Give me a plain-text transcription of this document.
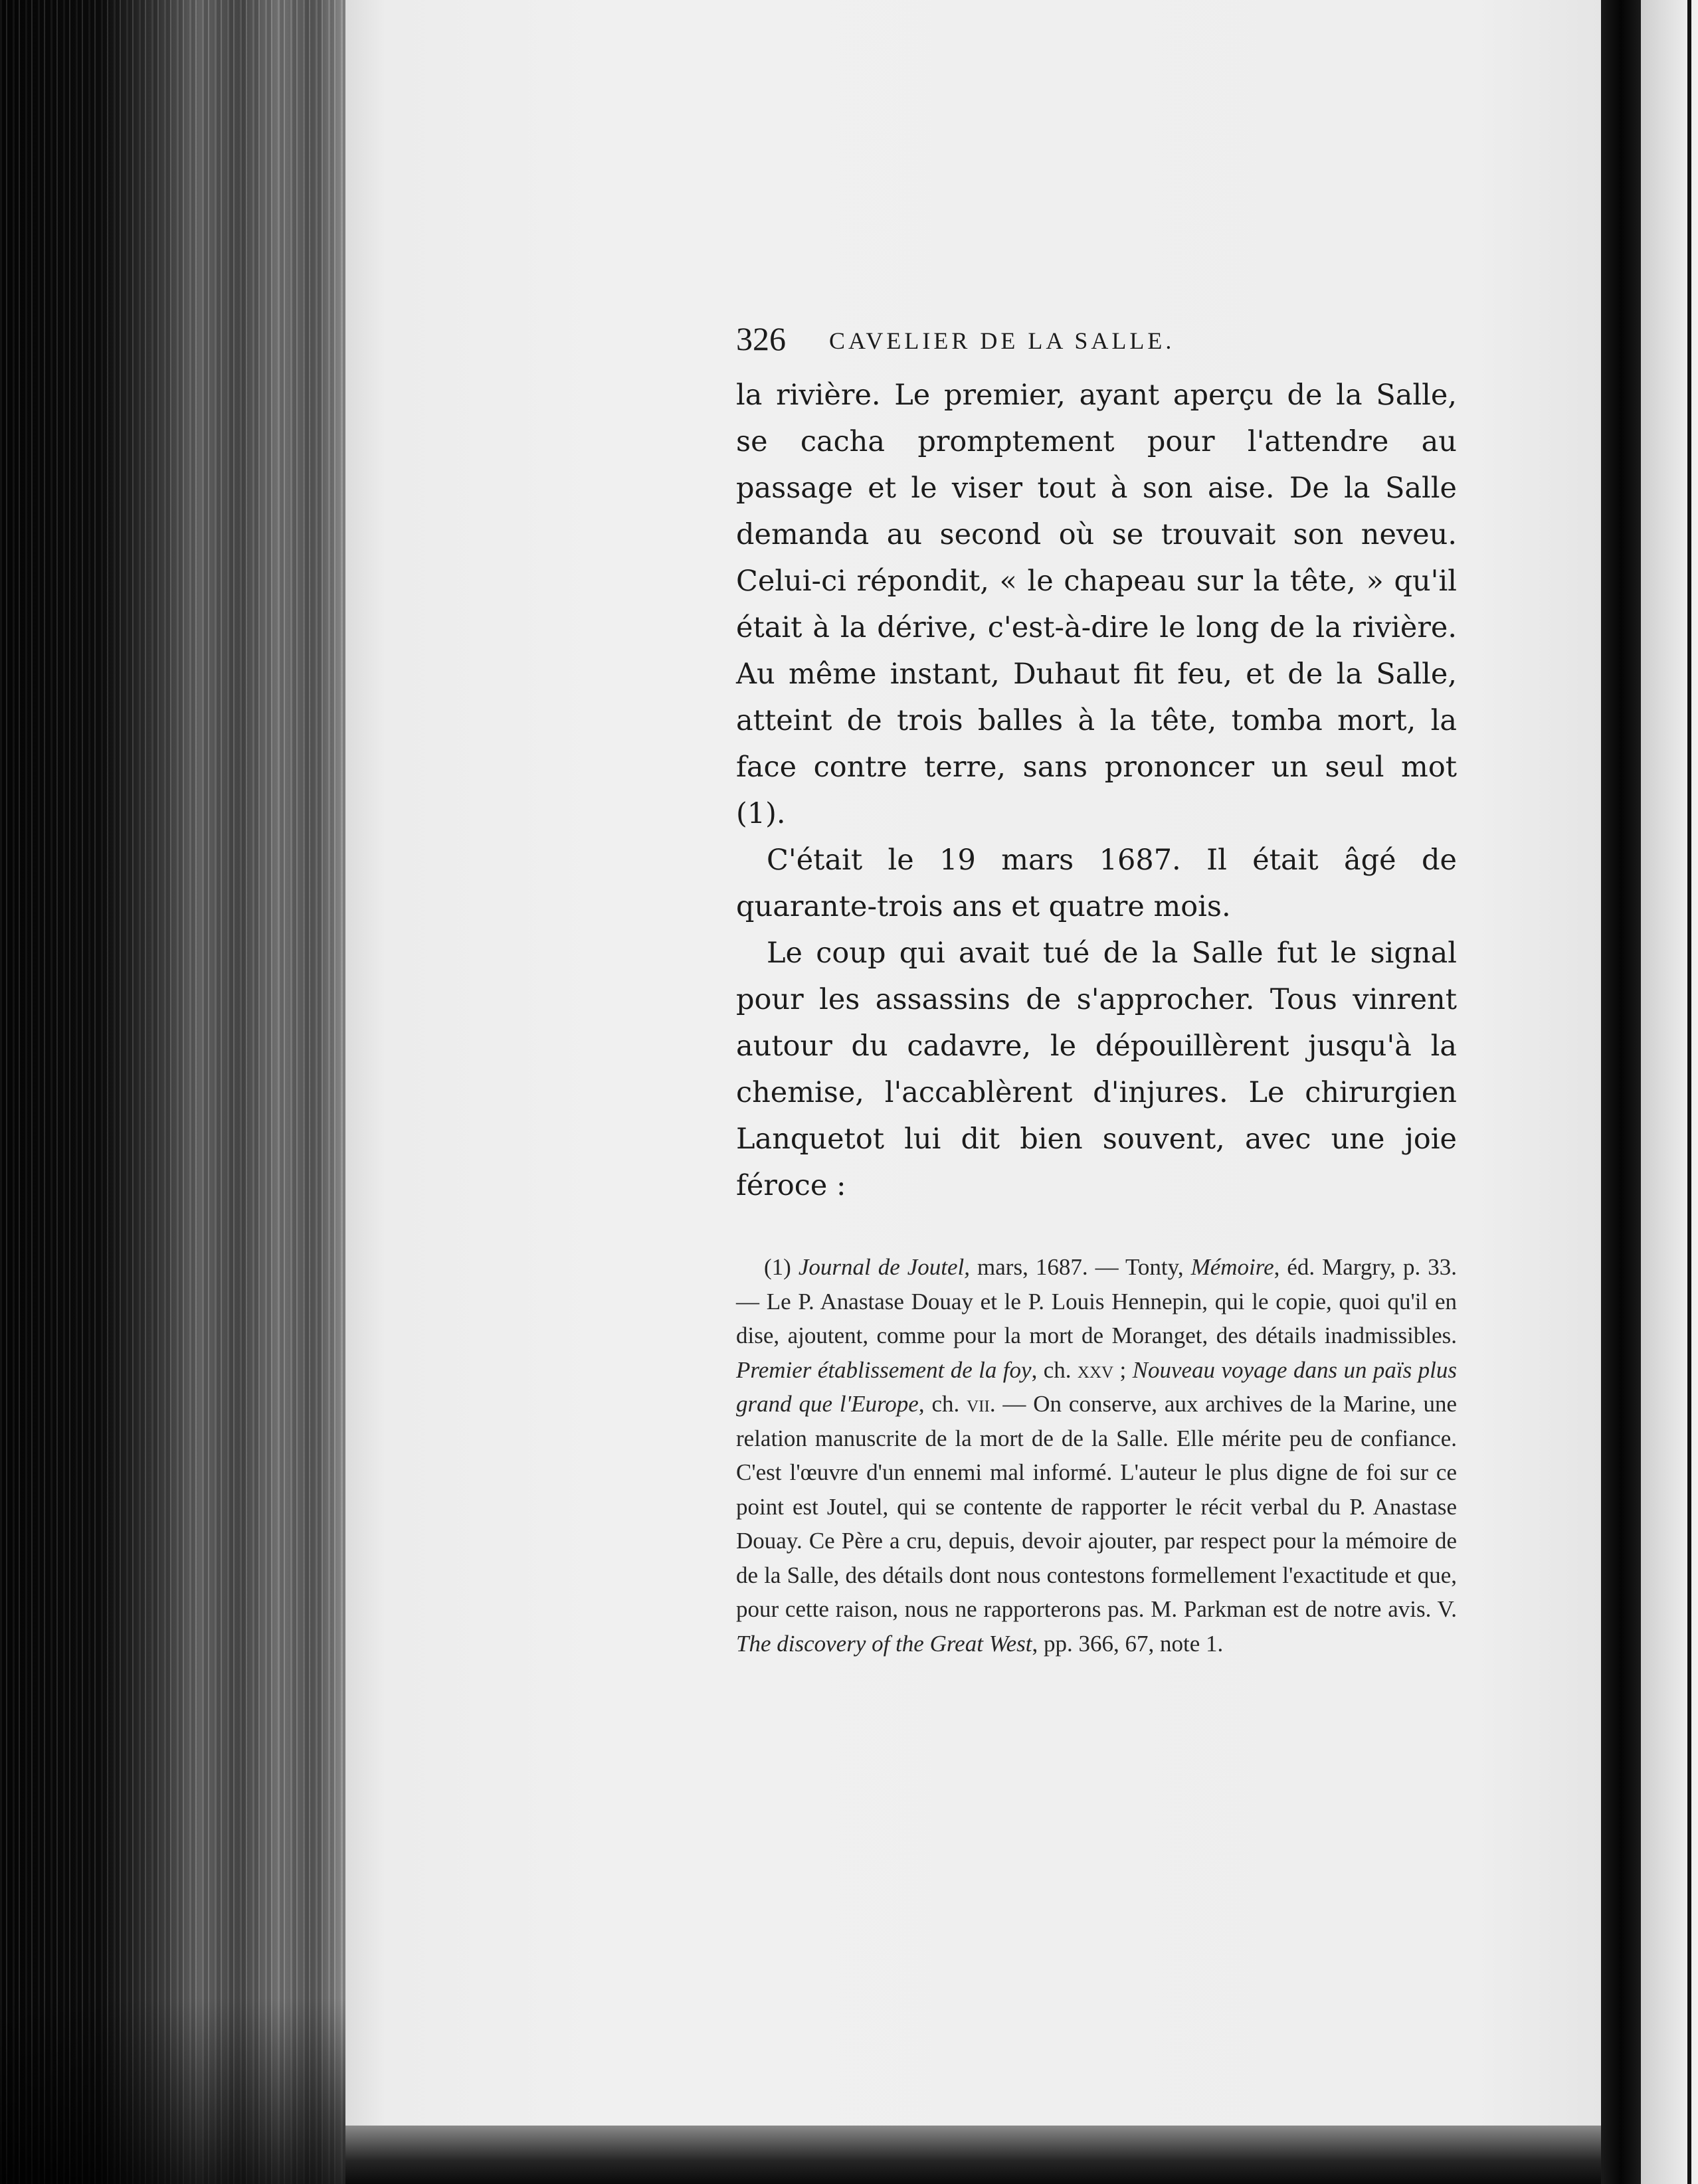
326 CAVELIER DE LA SALLE.

la rivière. Le premier, ayant aperçu de la Salle, se cacha promptement pour l'attendre au passage et le viser tout à son aise. De la Salle demanda au second où se trouvait son neveu. Celui-ci répondit, « le chapeau sur la tête, » qu'il était à la dérive, c'est-à-dire le long de la rivière. Au même instant, Duhaut fit feu, et de la Salle, atteint de trois balles à la tête, tomba mort, la face contre terre, sans prononcer un seul mot (1).

C'était le 19 mars 1687. Il était âgé de quarante-trois ans et quatre mois.

Le coup qui avait tué de la Salle fut le signal pour les assassins de s'approcher. Tous vinrent autour du cadavre, le dépouillèrent jusqu'à la chemise, l'accablèrent d'injures. Le chirurgien Lanquetot lui dit bien souvent, avec une joie féroce :

(1) Journal de Joutel, mars, 1687. — Tonty, Mémoire, éd. Margry, p. 33. — Le P. Anastase Douay et le P. Louis Hennepin, qui le copie, quoi qu'il en dise, ajoutent, comme pour la mort de Moranget, des détails inadmissibles. Premier établissement de la foy, ch. xxv ; Nouveau voyage dans un païs plus grand que l'Europe, ch. vii. — On conserve, aux archives de la Marine, une relation manuscrite de la mort de de la Salle. Elle mérite peu de confiance. C'est l'œuvre d'un ennemi mal informé. L'auteur le plus digne de foi sur ce point est Joutel, qui se contente de rapporter le récit verbal du P. Anastase Douay. Ce Père a cru, depuis, devoir ajouter, par respect pour la mémoire de de la Salle, des détails dont nous contestons formellement l'exactitude et que, pour cette raison, nous ne rapporterons pas. M. Parkman est de notre avis. V. The discovery of the Great West, pp. 366, 67, note 1.
